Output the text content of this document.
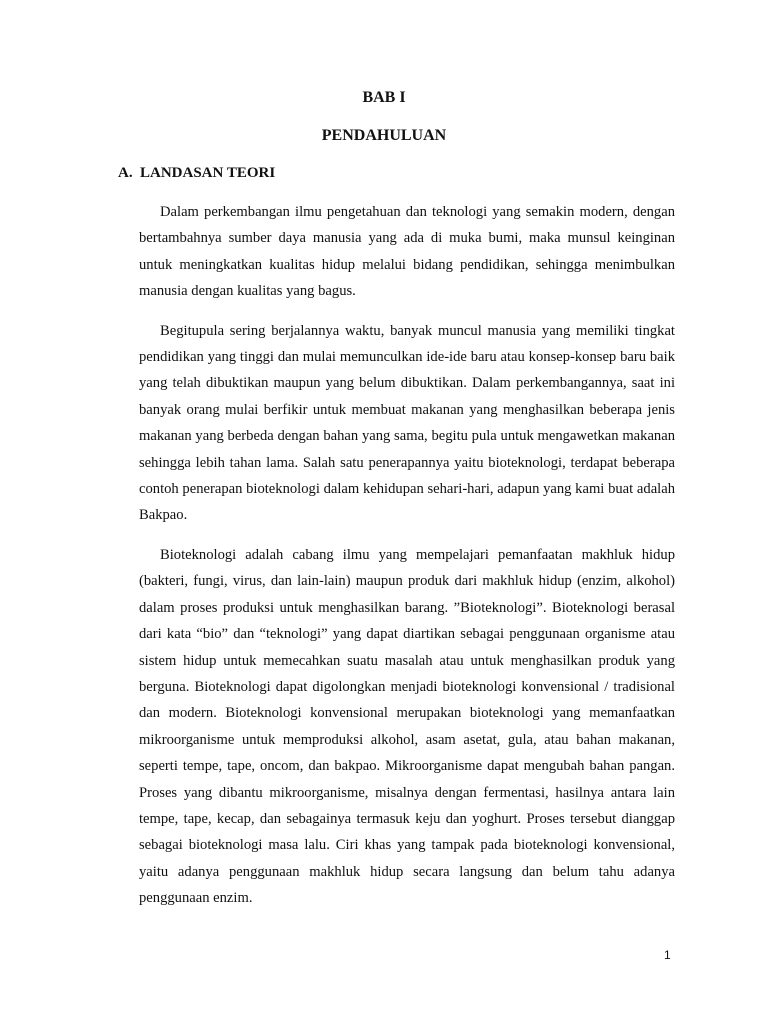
BAB I
PENDAHULUAN
A. LANDASAN TEORI

Dalam perkembangan ilmu pengetahuan dan teknologi yang semakin modern, dengan bertambahnya sumber daya manusia yang ada di muka bumi, maka munsul keinginan untuk meningkatkan kualitas hidup melalui bidang pendidikan, sehingga menimbulkan manusia dengan kualitas yang bagus.

Begitupula sering berjalannya waktu, banyak muncul manusia yang memiliki tingkat pendidikan yang tinggi dan mulai memunculkan ide-ide baru atau konsep-konsep baru baik yang telah dibuktikan maupun yang belum dibuktikan. Dalam perkembangannya, saat ini banyak orang mulai berfikir untuk membuat makanan yang menghasilkan beberapa jenis makanan yang berbeda dengan bahan yang sama, begitu pula untuk mengawetkan makanan sehingga lebih tahan lama. Salah satu penerapannya yaitu bioteknologi, terdapat beberapa contoh penerapan bioteknologi dalam kehidupan sehari-hari, adapun yang kami buat adalah Bakpao.

Bioteknologi adalah cabang ilmu yang mempelajari pemanfaatan makhluk hidup (bakteri, fungi, virus, dan lain-lain) maupun produk dari makhluk hidup (enzim, alkohol) dalam proses produksi untuk menghasilkan barang. ”Bioteknologi”. Bioteknologi berasal dari kata “bio” dan “teknologi” yang dapat diartikan sebagai penggunaan organisme atau sistem hidup untuk memecahkan suatu masalah atau untuk menghasilkan produk yang berguna. Bioteknologi dapat digolongkan menjadi bioteknologi konvensional / tradisional dan modern. Bioteknologi konvensional merupakan bioteknologi yang memanfaatkan mikroorganisme untuk memproduksi alkohol, asam asetat, gula, atau bahan makanan, seperti tempe, tape, oncom, dan bakpao. Mikroorganisme dapat mengubah bahan pangan. Proses yang dibantu mikroorganisme, misalnya dengan fermentasi, hasilnya antara lain tempe, tape, kecap, dan sebagainya termasuk keju dan yoghurt. Proses tersebut dianggap sebagai bioteknologi masa lalu. Ciri khas yang tampak pada bioteknologi konvensional, yaitu adanya penggunaan makhluk hidup secara langsung dan belum tahu adanya penggunaan enzim.

1
